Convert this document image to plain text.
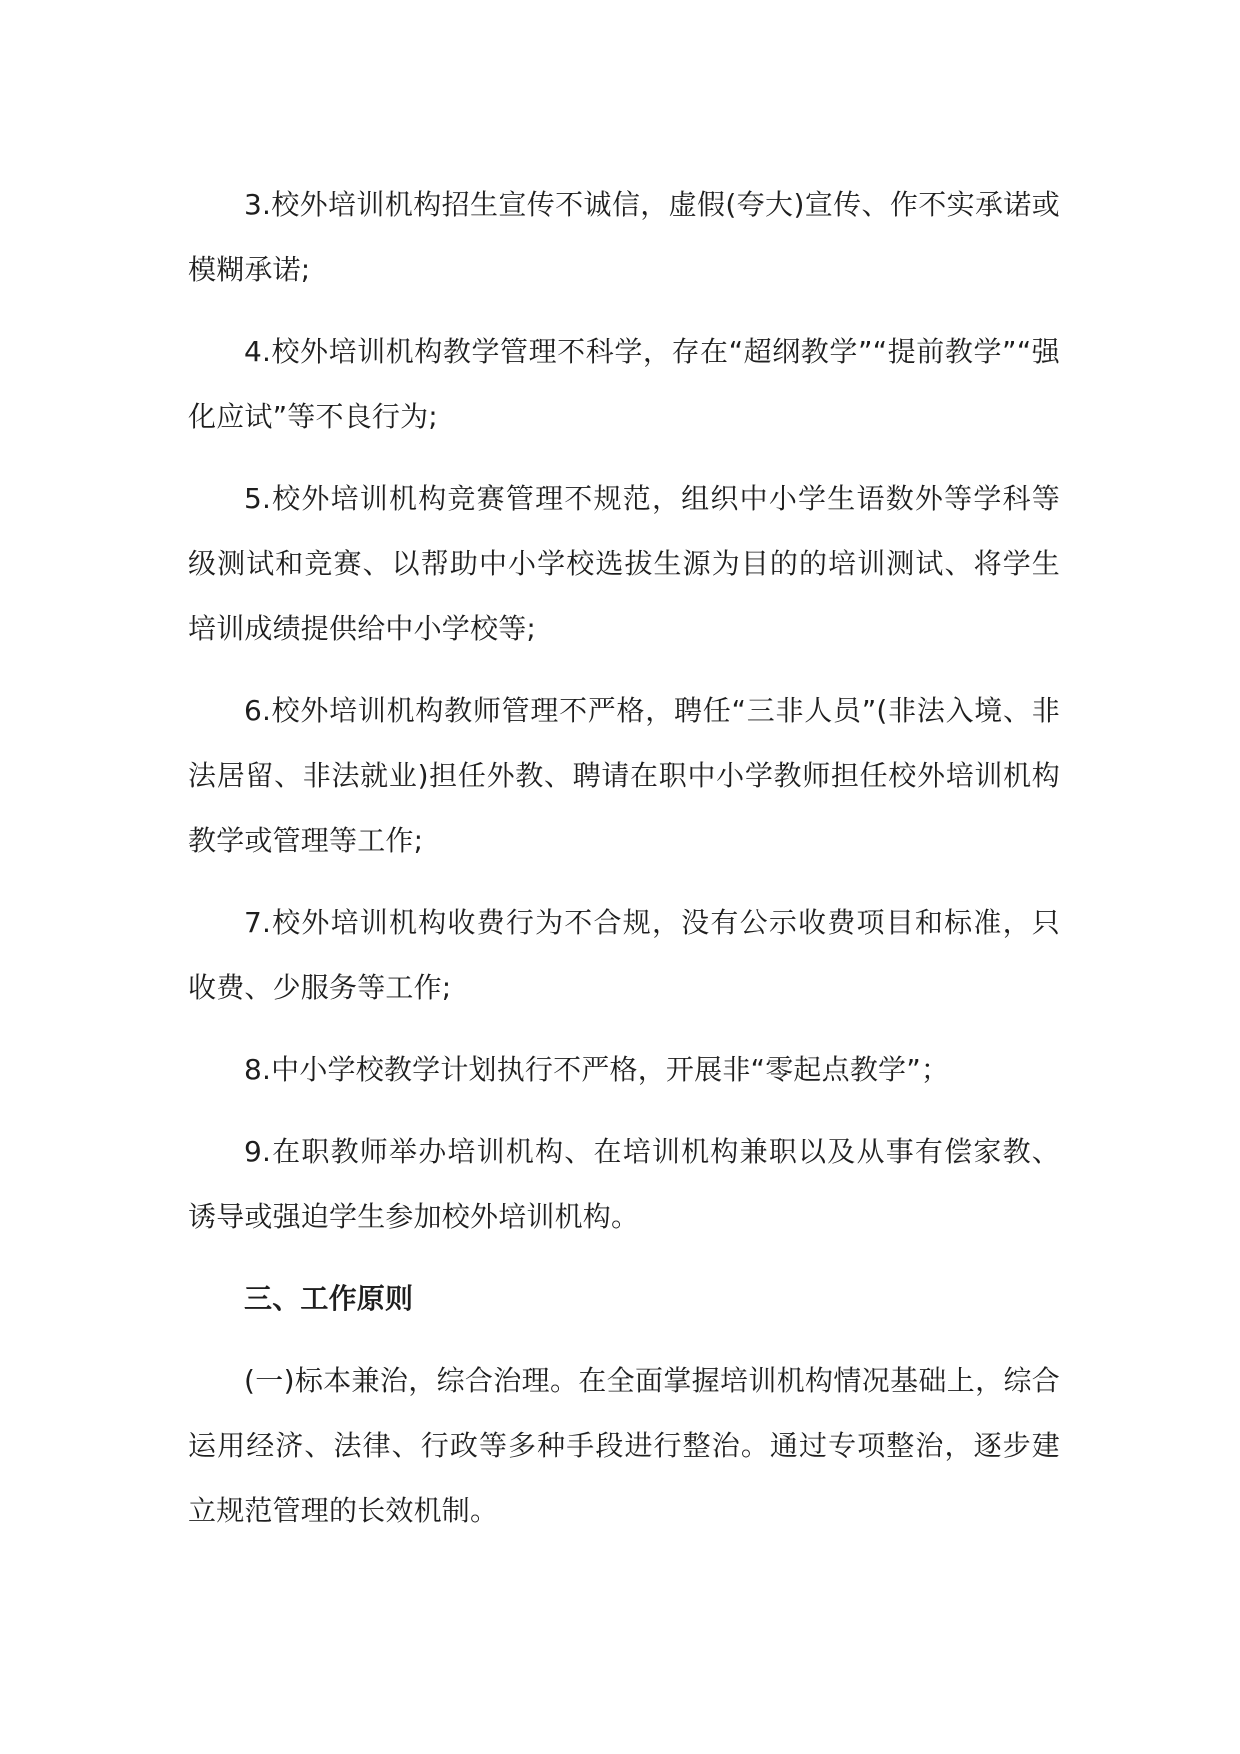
3.校外培训机构招生宣传不诚信，虚假(夸大)宣传、作不实承诺或模糊承诺;

4.校外培训机构教学管理不科学，存在“超纲教学”“提前教学”“强化应试”等不良行为;

5.校外培训机构竞赛管理不规范，组织中小学生语数外等学科等级测试和竞赛、以帮助中小学校选拔生源为目的的培训测试、将学生培训成绩提供给中小学校等;

6.校外培训机构教师管理不严格，聘任“三非人员”(非法入境、非法居留、非法就业)担任外教、聘请在职中小学教师担任校外培训机构教学或管理等工作;

7.校外培训机构收费行为不合规，没有公示收费项目和标准，只收费、少服务等工作;

8.中小学校教学计划执行不严格，开展非“零起点教学”；

9.在职教师举办培训机构、在培训机构兼职以及从事有偿家教、诱导或强迫学生参加校外培训机构。

三、工作原则

(一)标本兼治，综合治理。在全面掌握培训机构情况基础上，综合运用经济、法律、行政等多种手段进行整治。通过专项整治，逐步建立规范管理的长效机制。
